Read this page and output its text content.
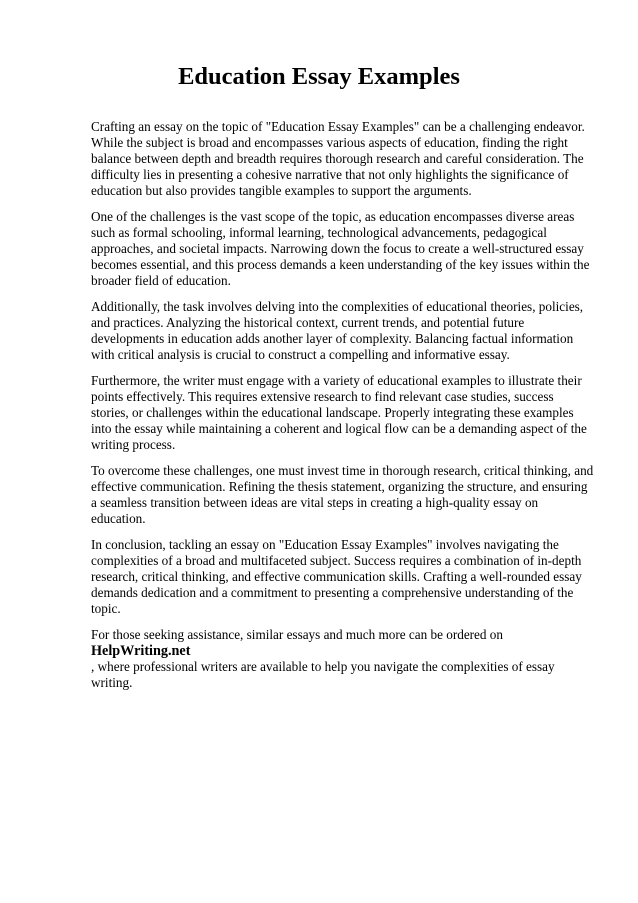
Education Essay Examples

Crafting an essay on the topic of "Education Essay Examples" can be a challenging endeavor. While the subject is broad and encompasses various aspects of education, finding the right balance between depth and breadth requires thorough research and careful consideration. The difficulty lies in presenting a cohesive narrative that not only highlights the significance of education but also provides tangible examples to support the arguments.

One of the challenges is the vast scope of the topic, as education encompasses diverse areas such as formal schooling, informal learning, technological advancements, pedagogical approaches, and societal impacts. Narrowing down the focus to create a well-structured essay becomes essential, and this process demands a keen understanding of the key issues within the broader field of education.

Additionally, the task involves delving into the complexities of educational theories, policies, and practices. Analyzing the historical context, current trends, and potential future developments in education adds another layer of complexity. Balancing factual information with critical analysis is crucial to construct a compelling and informative essay.

Furthermore, the writer must engage with a variety of educational examples to illustrate their points effectively. This requires extensive research to find relevant case studies, success stories, or challenges within the educational landscape. Properly integrating these examples into the essay while maintaining a coherent and logical flow can be a demanding aspect of the writing process.

To overcome these challenges, one must invest time in thorough research, critical thinking, and effective communication. Refining the thesis statement, organizing the structure, and ensuring a seamless transition between ideas are vital steps in creating a high-quality essay on education.

In conclusion, tackling an essay on "Education Essay Examples" involves navigating the complexities of a broad and multifaceted subject. Success requires a combination of in-depth research, critical thinking, and effective communication skills. Crafting a well-rounded essay demands dedication and a commitment to presenting a comprehensive understanding of the topic.

For those seeking assistance, similar essays and much more can be ordered on HelpWriting.net
, where professional writers are available to help you navigate the complexities of essay writing.
